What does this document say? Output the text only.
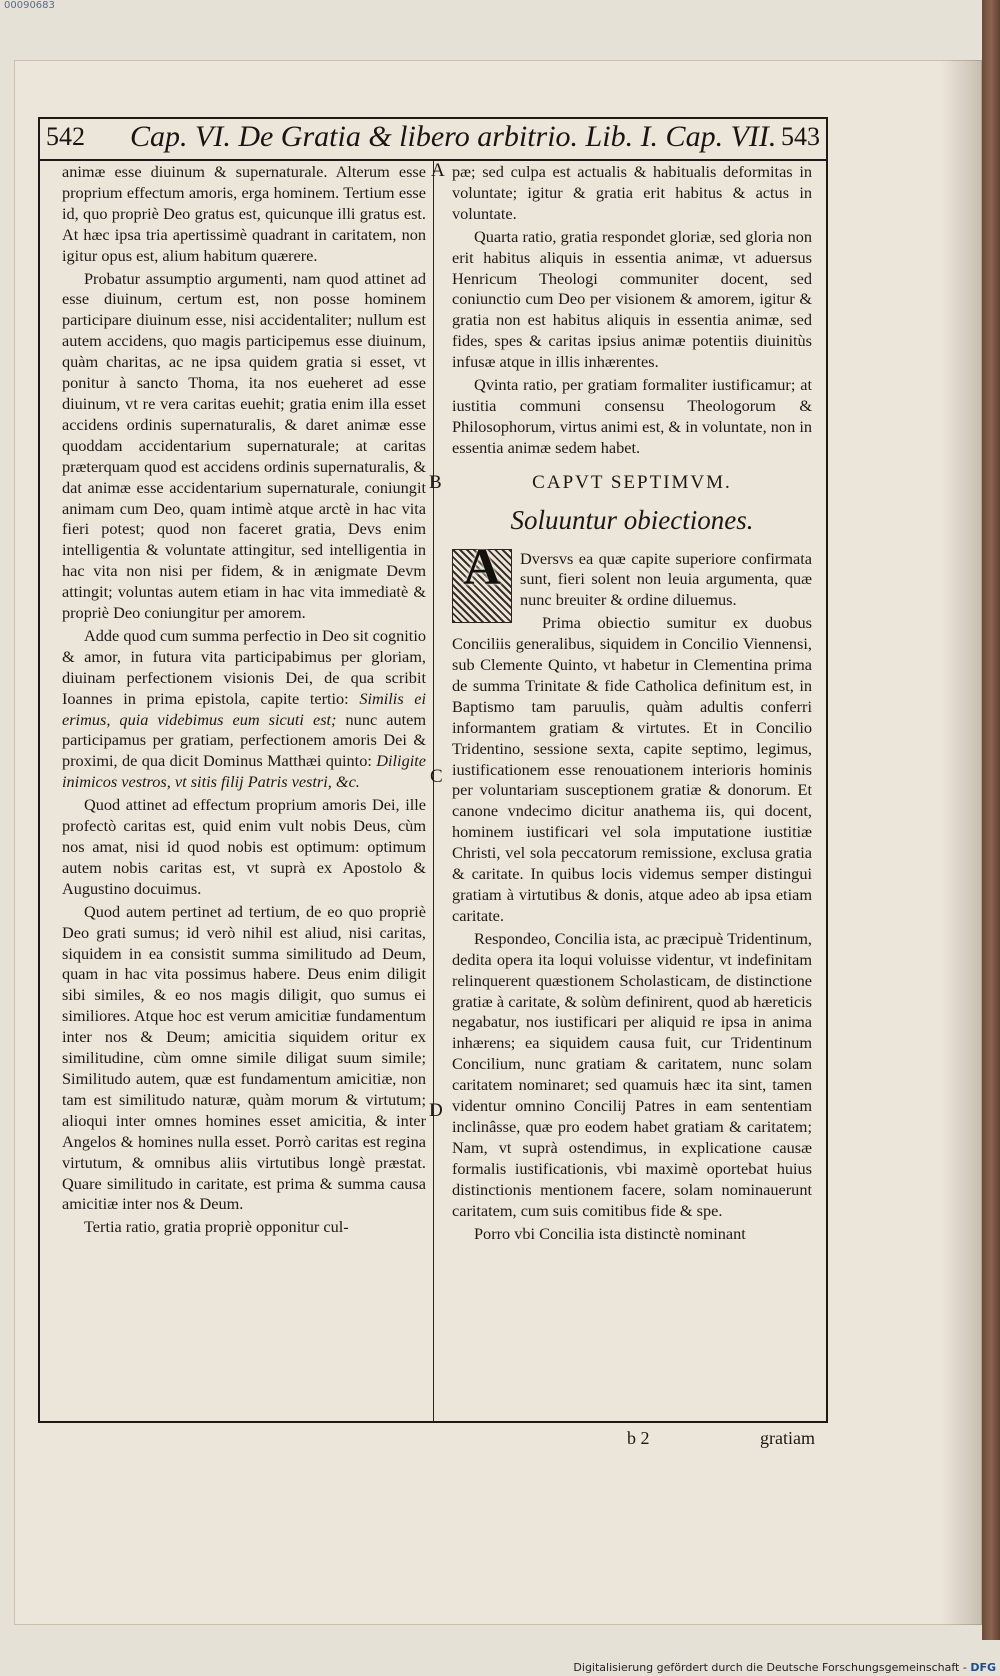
00090683
542 Cap. VI. De Gratia & libero arbitrio. Lib. I. Cap. VII. 543

animæ esse diuinum & supernaturale. Alterum esse proprium effectum amoris, erga hominem. Tertium esse id, quo propriè Deo gratus est, quicunque illi gratus est. At hæc ipsa tria apertissimè quadrant in caritatem, non igitur opus est, alium habitum quærere.

Probatur assumptio argumenti, nam quod attinet ad esse diuinum, certum est, non posse hominem participare diuinum esse, nisi accidentaliter; nullum est autem accidens, quo magis participemus esse diuinum, quàm charitas, ac ne ipsa quidem gratia si esset, vt ponitur à sancto Thoma, ita nos eueheret ad esse diuinum, vt re vera caritas euehit; gratia enim illa esset accidens ordinis supernaturalis, & daret animæ esse quoddam accidentarium supernaturale; at caritas præterquam quod est accidens ordinis supernaturalis, & dat animæ esse accidentarium supernaturale, coniungit animam cum Deo, quam intimè atque arctè in hac vita fieri potest; quod non faceret gratia, Devs enim intelligentia & voluntate attingitur, sed intelligentia in hac vita non nisi per fidem, & in ænigmate Devm attingit; voluntas autem etiam in hac vita immediatè & propriè Deo coniungitur per amorem.

Adde quod cum summa perfectio in Deo sit cognitio & amor, in futura vita participabimus per gloriam, diuinam perfectionem visionis Dei, de qua scribit Ioannes in prima epistola, capite tertio: Similis ei erimus, quia videbimus eum sicuti est; nunc autem participamus per gratiam, perfectionem amoris Dei & proximi, de qua dicit Dominus Matthæi quinto: Diligite inimicos vestros, vt sitis filij Patris vestri, &c.

Quod attinet ad effectum proprium amoris Dei, ille profectò caritas est, quid enim vult nobis Deus, cùm nos amat, nisi id quod nobis est optimum: optimum autem nobis caritas est, vt suprà ex Apostolo & Augustino docuimus.

Quod autem pertinet ad tertium, de eo quo propriè Deo grati sumus; id verò nihil est aliud, nisi caritas, siquidem in ea consistit summa similitudo ad Deum, quam in hac vita possimus habere. Deus enim diligit sibi similes, & eo nos magis diligit, quo sumus ei similiores. Atque hoc est verum amicitiæ fundamentum inter nos & Deum; amicitia siquidem oritur ex similitudine, cùm omne simile diligat suum simile; Similitudo autem, quæ est fundamentum amicitiæ, non tam est similitudo naturæ, quàm morum & virtutum; alioqui inter omnes homines esset amicitia, & inter Angelos & homines nulla esset. Porrò caritas est regina virtutum, & omnibus aliis virtutibus longè præstat. Quare similitudo in caritate, est prima & summa causa amicitiæ inter nos & Deum.

Tertia ratio, gratia propriè opponitur cul-

pæ; sed culpa est actualis & habitualis deformitas in voluntate; igitur & gratia erit habitus & actus in voluntate.

Quarta ratio, gratia respondet gloriæ, sed gloria non erit habitus aliquis in essentia animæ, vt aduersus Henricum Theologi communiter docent, sed coniunctio cum Deo per visionem & amorem, igitur & gratia non est habitus aliquis in essentia animæ, sed fides, spes & caritas ipsius animæ potentiis diuinitùs infusæ atque in illis inhærentes.

Qvinta ratio, per gratiam formaliter iustificamur; at iustitia communi consensu Theologorum & Philosophorum, virtus animi est, & in voluntate, non in essentia animæ sedem habet.

CAPVT SEPTIMVM.
Soluuntur obiectiones.

A	Dversvs ea quæ capite superiore confirmata sunt, fieri solent non leuia argumenta, quæ nunc breuiter & ordine diluemus.

Prima obiectio sumitur ex duobus Conciliis generalibus, siquidem in Concilio Viennensi, sub Clemente Quinto, vt habetur in Clementina prima de summa Trinitate & fide Catholica definitum est, in Baptismo tam paruulis, quàm adultis conferri informantem gratiam & virtutes. Et in Concilio Tridentino, sessione sexta, capite septimo, legimus, iustificationem esse renouationem interioris hominis per voluntariam susceptionem gratiæ & donorum. Et canone vndecimo dicitur anathema iis, qui docent, hominem iustificari vel sola imputatione iustitiæ Christi, vel sola peccatorum remissione, exclusa gratia & caritate. In quibus locis videmus semper distingui gratiam à virtutibus & donis, atque adeo ab ipsa etiam caritate.

Respondeo, Concilia ista, ac præcipuè Tridentinum, dedita opera ita loqui voluisse videntur, vt indefinitam relinquerent quæstionem Scholasticam, de distinctione gratiæ à caritate, & solùm definirent, quod ab hæreticis negabatur, nos iustificari per aliquid re ipsa in anima inhærens; ea siquidem causa fuit, cur Tridentinum Concilium, nunc gratiam & caritatem, nunc solam caritatem nominaret; sed quamuis hæc ita sint, tamen videntur omnino Concilij Patres in eam sententiam inclinâsse, quæ pro eodem habet gratiam & caritatem; Nam, vt suprà ostendimus, in explicatione causæ formalis iustificationis, vbi maximè oportebat huius distinctionis mentionem facere, solam nominauerunt caritatem, cum suis comitibus fide & spe.

Porro vbi Concilia ista distinctè nominant

A
B
C
D
b 2	gratiam
Digitalisierung gefördert durch die Deutsche Forschungsgemeinschaft - DFG
